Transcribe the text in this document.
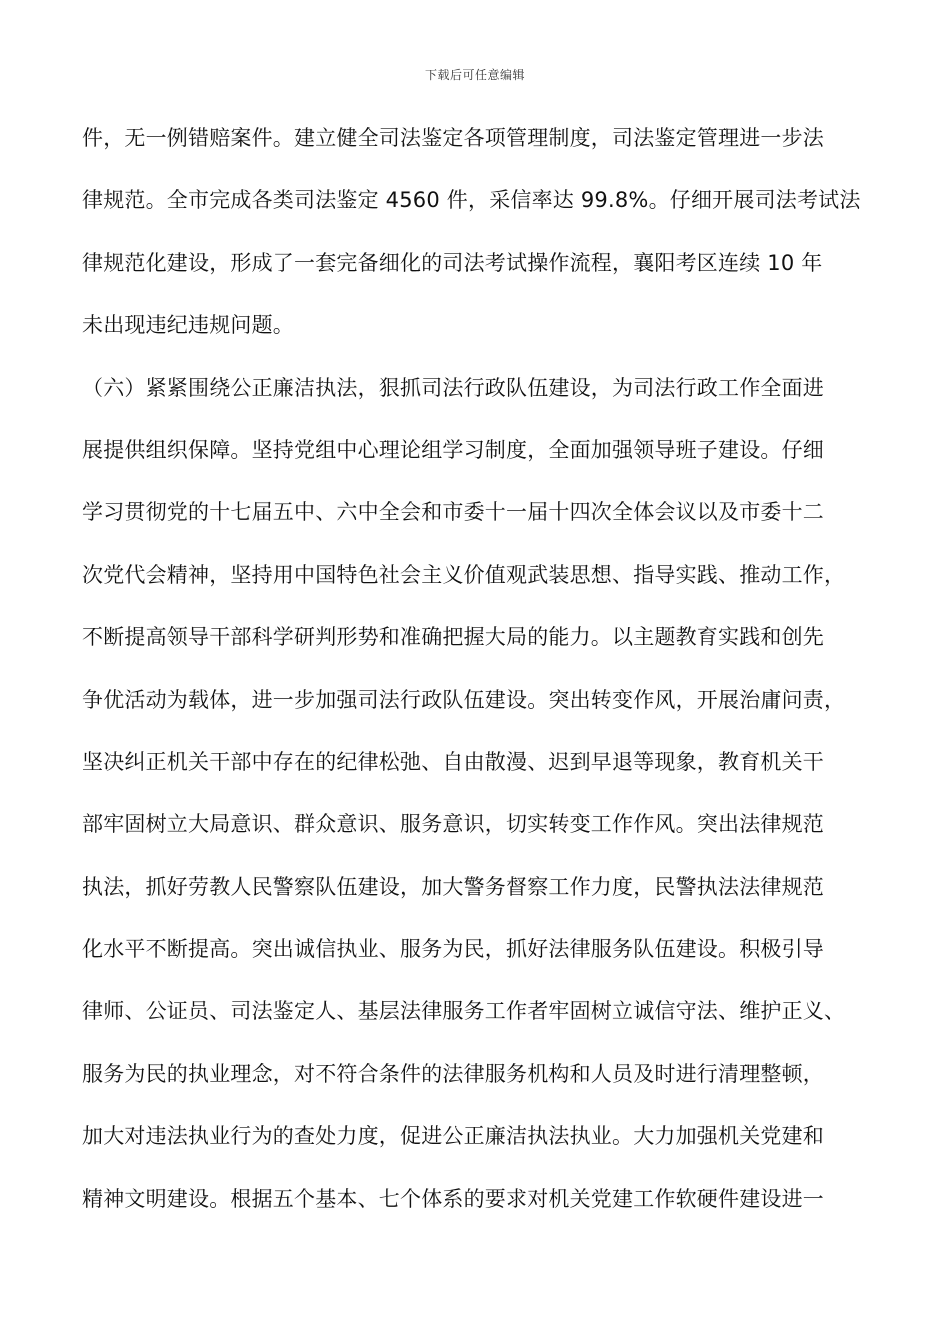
下载后可任意编辑
件，无一例错赔案件。建立健全司法鉴定各项管理制度，司法鉴定管理进一步法
律规范。全市完成各类司法鉴定 4560 件，采信率达 99.8%。仔细开展司法考试法
律规范化建设，形成了一套完备细化的司法考试操作流程，襄阳考区连续 10 年
未出现违纪违规问题。
（六）紧紧围绕公正廉洁执法，狠抓司法行政队伍建设，为司法行政工作全面进
展提供组织保障。坚持党组中心理论组学习制度，全面加强领导班子建设。仔细
学习贯彻党的十七届五中、六中全会和市委十一届十四次全体会议以及市委十二
次党代会精神，坚持用中国特色社会主义价值观武装思想、指导实践、推动工作，
不断提高领导干部科学研判形势和准确把握大局的能力。以主题教育实践和创先
争优活动为载体，进一步加强司法行政队伍建设。突出转变作风，开展治庸问责，
坚决纠正机关干部中存在的纪律松弛、自由散漫、迟到早退等现象，教育机关干
部牢固树立大局意识、群众意识、服务意识，切实转变工作作风。突出法律规范
执法，抓好劳教人民警察队伍建设，加大警务督察工作力度，民警执法法律规范
化水平不断提高。突出诚信执业、服务为民，抓好法律服务队伍建设。积极引导
律师、公证员、司法鉴定人、基层法律服务工作者牢固树立诚信守法、维护正义、
服务为民的执业理念，对不符合条件的法律服务机构和人员及时进行清理整顿，
加大对违法执业行为的查处力度，促进公正廉洁执法执业。大力加强机关党建和
精神文明建设。根据五个基本、七个体系的要求对机关党建工作软硬件建设进一
